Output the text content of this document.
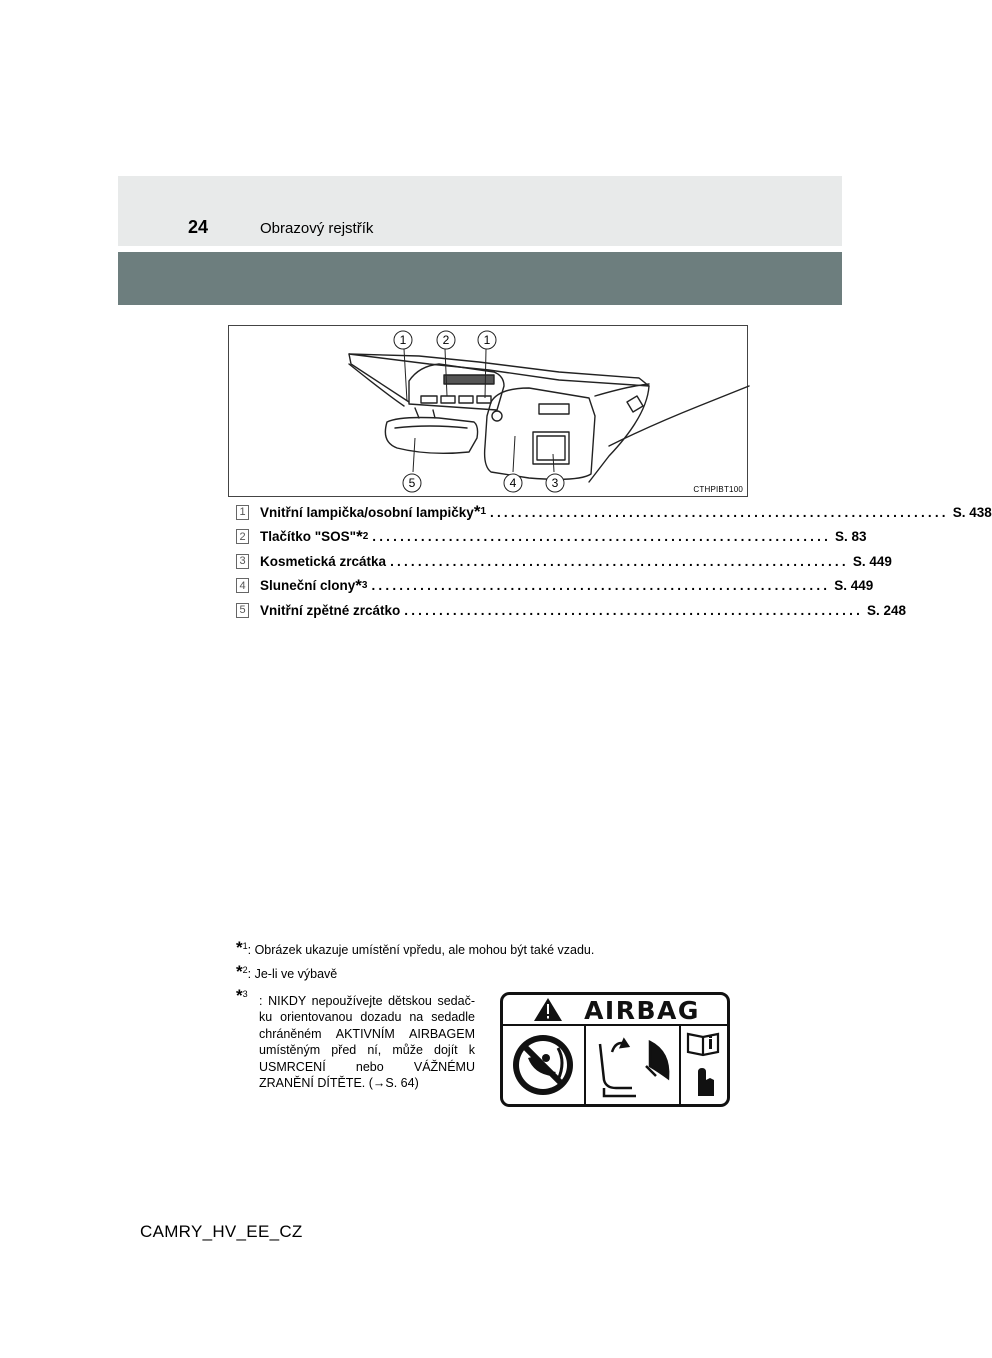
24	Obrazový rejstřík
1	2	1
5	4	3	CTHPIBT100
1 Vnitřní lampička/osobní lampičky * 1 .................................................................. S. 438
2 Tlačítko "SOS" * 2 .................................................................. S. 83
3 Kosmetická zrcátka .................................................................. S. 449
4 Sluneční clony * 3 .................................................................. S. 449
5 Vnitřní zpětné zrcátko .................................................................. S. 248
*$^1$: Obrázek ukazuje umístění vpředu, ale mohou být také vzadu.
*$^2$: Je-li ve výbavě
*$^3$
: NIKDY nepoužívejte dětskou sedač-ku orientovanou dozadu na sedadle chráněném AKTIVNÍM AIRBAGEM umístěným před ní, může dojít k USMRCENÍ nebo VÁŽNÉMU ZRANĚNÍ DÍTĚTE. (→S. 64)
AIRBAG
CAMRY_HV_EE_CZ
